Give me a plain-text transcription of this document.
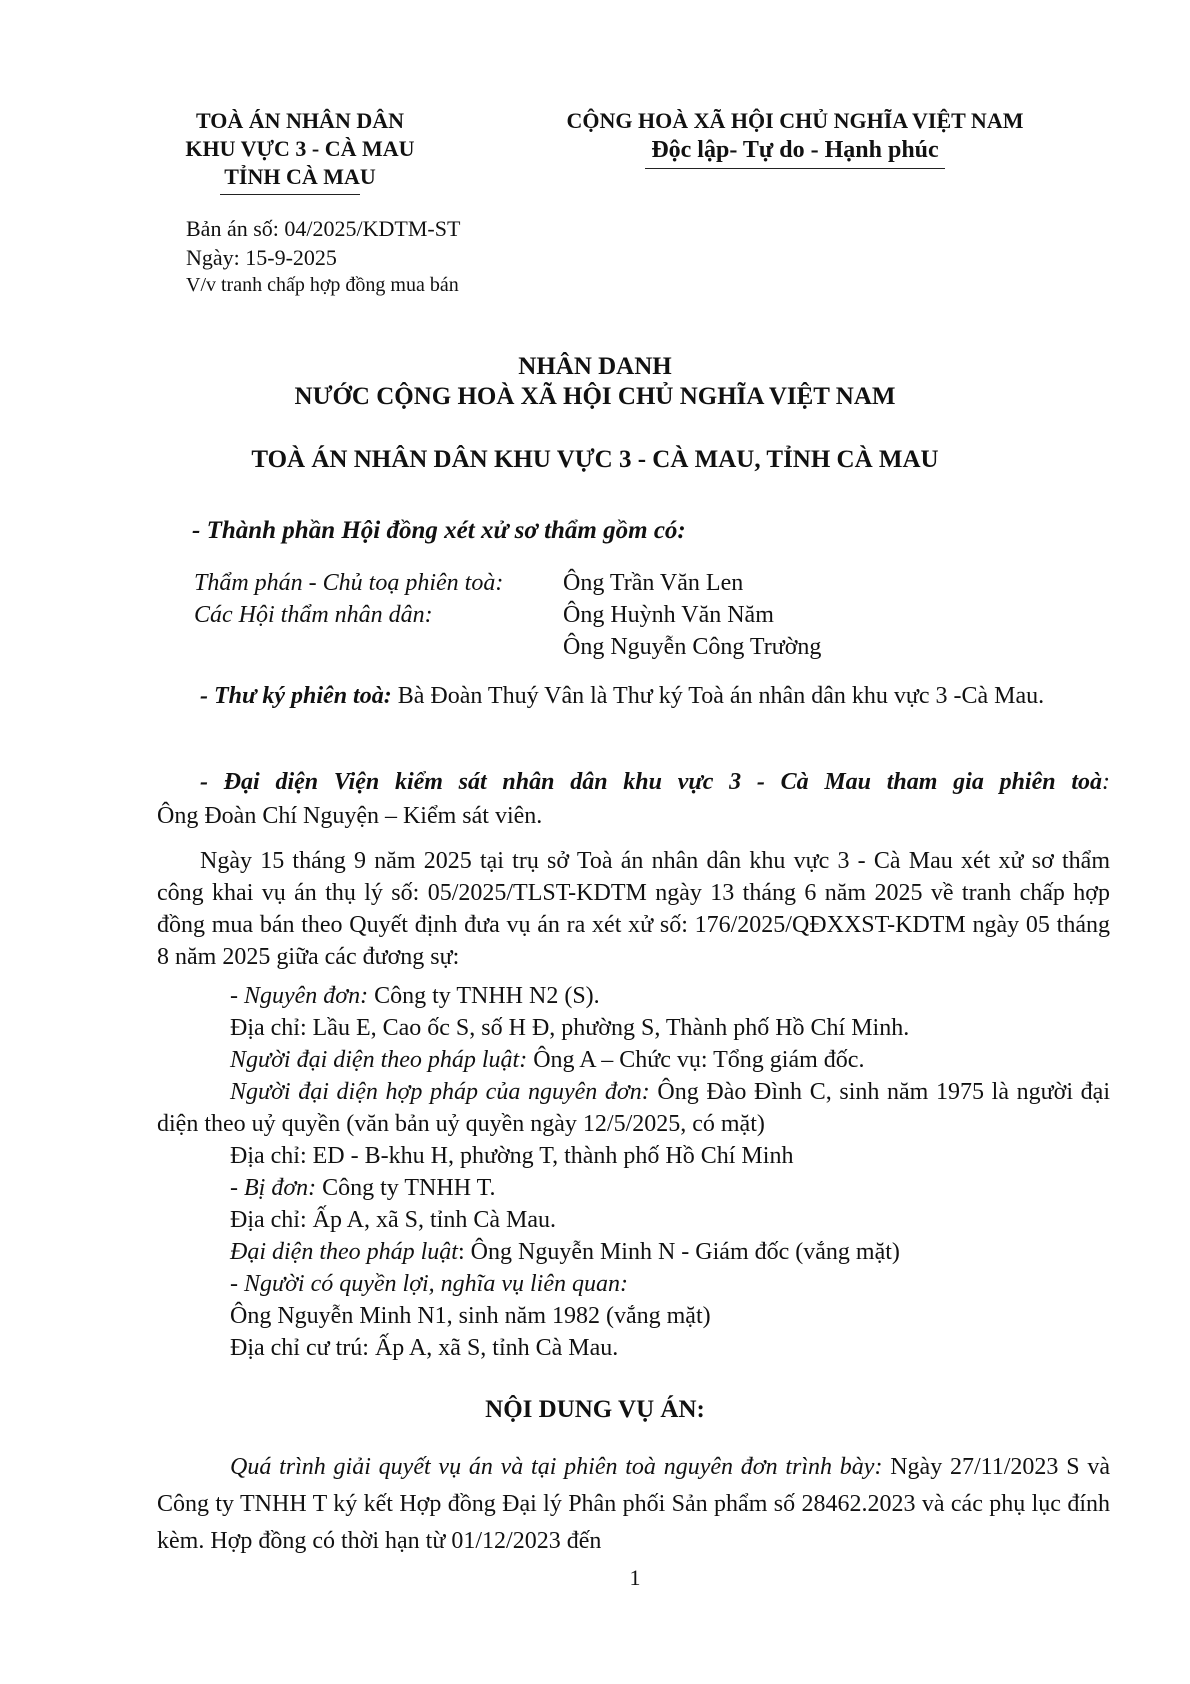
TOÀ ÁN NHÂN DÂN
KHU VỰC 3 - CÀ MAU
TỈNH CÀ MAU
CỘNG HOÀ XÃ HỘI CHỦ NGHĨA VIỆT NAM
Độc lập- Tự do - Hạnh phúc
Bản án số: 04/2025/KDTM-ST
Ngày: 15-9-2025
V/v tranh chấp hợp đồng mua bán
NHÂN DANH
NƯỚC CỘNG HOÀ XÃ HỘI CHỦ NGHĨA VIỆT NAM
TOÀ ÁN NHÂN DÂN KHU VỰC 3 - CÀ MAU, TỈNH CÀ MAU
- Thành phần Hội đồng xét xử sơ thẩm gồm có:
Thẩm phán - Chủ toạ phiên toà: Ông Trần Văn Len
Các Hội thẩm nhân dân:	Ông Huỳnh Văn Năm
Ông Nguyễn Công Trường
- Thư ký phiên toà: Bà Đoàn Thuý Vân là Thư ký Toà án nhân dân khu vực 3 -Cà Mau.
- Đại diện Viện kiểm sát nhân dân khu vực 3 - Cà Mau tham gia phiên toà:
Ông Đoàn Chí Nguyện – Kiểm sát viên.
Ngày 15 tháng 9 năm 2025 tại trụ sở Toà án nhân dân khu vực 3 - Cà Mau xét xử sơ thẩm công khai vụ án thụ lý số: 05/2025/TLST-KDTM ngày 13 tháng 6 năm 2025 về tranh chấp hợp đồng mua bán theo Quyết định đưa vụ án ra xét xử số: 176/2025/QĐXXST-KDTM ngày 05 tháng 8 năm 2025 giữa các đương sự:
- Nguyên đơn: Công ty TNHH N2 (S).
Địa chỉ: Lầu E, Cao ốc S, số H Đ, phường S, Thành phố Hồ Chí Minh.
Người đại diện theo pháp luật: Ông A – Chức vụ: Tổng giám đốc.
Người đại diện hợp pháp của nguyên đơn: Ông Đào Đình C, sinh năm 1975 là người đại diện theo uỷ quyền (văn bản uỷ quyền ngày 12/5/2025, có mặt)
Địa chỉ: ED - B-khu H, phường T, thành phố Hồ Chí Minh
- Bị đơn: Công ty TNHH T.
Địa chỉ: Ấp A, xã S, tỉnh Cà Mau.
Đại diện theo pháp luật: Ông Nguyễn Minh N - Giám đốc (vắng mặt)
- Người có quyền lợi, nghĩa vụ liên quan:
Ông Nguyễn Minh N1, sinh năm 1982 (vắng mặt)
Địa chỉ cư trú: Ấp A, xã S, tỉnh Cà Mau.
NỘI DUNG VỤ ÁN:
Quá trình giải quyết vụ án và tại phiên toà nguyên đơn trình bày: Ngày 27/11/2023 S và Công ty TNHH T ký kết Hợp đồng Đại lý Phân phối Sản phẩm số 28462.2023 và các phụ lục đính kèm. Hợp đồng có thời hạn từ 01/12/2023 đến
1
